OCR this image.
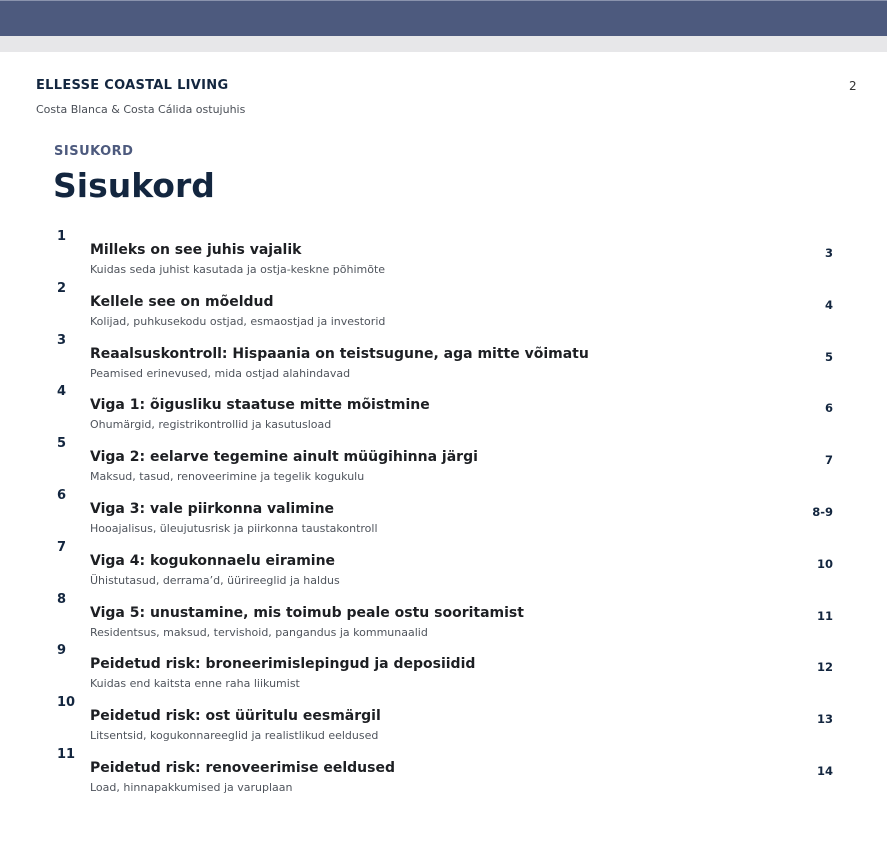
ELLESSE COASTAL LIVING
Costa Blanca & Costa Cálida ostujuhis
2
SISUKORD
Sisukord
1
Milleks on see juhis vajalik
Kuidas seda juhist kasutada ja ostja-keskne põhimõte
3
2
Kellele see on mõeldud
Kolijad, puhkusekodu ostjad, esmaostjad ja investorid
4
3
Reaalsuskontroll: Hispaania on teistsugune, aga mitte võimatu
Peamised erinevused, mida ostjad alahindavad
5
4
Viga 1: õigusliku staatuse mitte mõistmine
Ohumärgid, registrikontrollid ja kasutusload
6
5
Viga 2: eelarve tegemine ainult müügihinna järgi
Maksud, tasud, renoveerimine ja tegelik kogukulu
7
6
Viga 3: vale piirkonna valimine
Hooajalisus, üleujutusrisk ja piirkonna taustakontroll
8-9
7
Viga 4: kogukonnaelu eiramine
Ühistutasud, derrama’d, üürireeglid ja haldus
10
8
Viga 5: unustamine, mis toimub peale ostu sooritamist
Residentsus, maksud, tervishoid, pangandus ja kommunaalid
11
9
Peidetud risk: broneerimislepingud ja deposiidid
Kuidas end kaitsta enne raha liikumist
12
10
Peidetud risk: ost üüritulu eesmärgil
Litsentsid, kogukonnareeglid ja realistlikud eeldused
13
11
Peidetud risk: renoveerimise eeldused
Load, hinnapakkumised ja varuplaan
14
